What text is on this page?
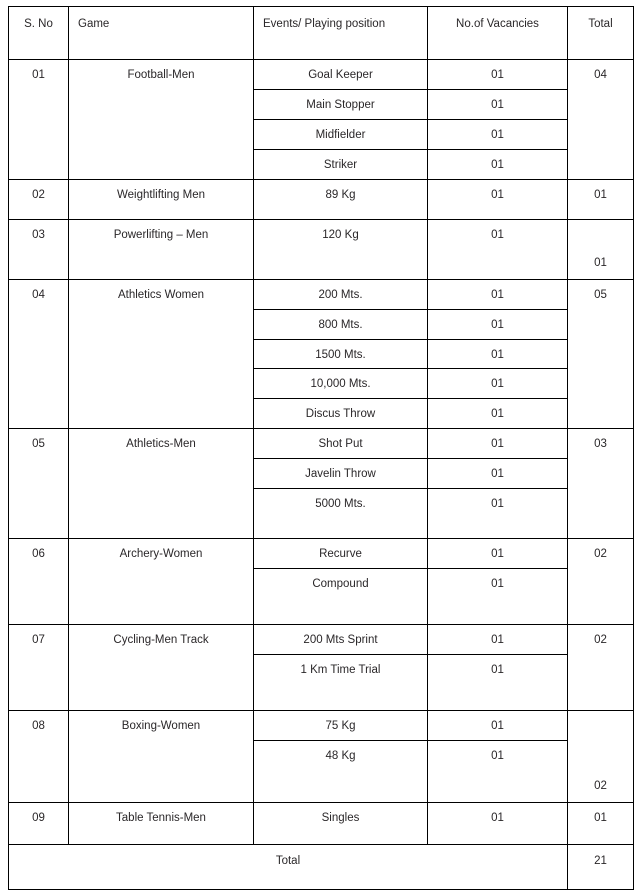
S. No	Game	Events/ Playing position	No.of Vacancies	Total

01	Football-Men	Goal Keeper	01	04

		Main Stopper	01	

		Midfielder	01	

		Striker	01	

02	Weightlifting Men	89 Kg	01	01

03	Powerlifting – Men	120 Kg	01	01

04	Athletics Women	200 Mts.	01	05

		800 Mts.	01	

		1500 Mts.	01	

		10,000 Mts.	01	

		Discus Throw	01	

05	Athletics-Men	Shot Put	01	03

		Javelin Throw	01	

		5000 Mts.	01	

06	Archery-Women	Recurve	01	02

		Compound	01	

07	Cycling-Men Track	200 Mts Sprint	01	02

		1 Km Time Trial	01	

08	Boxing-Women	75 Kg	01	02

		48 Kg	01	

09	Table Tennis-Men	Singles	01	01

Total				21
